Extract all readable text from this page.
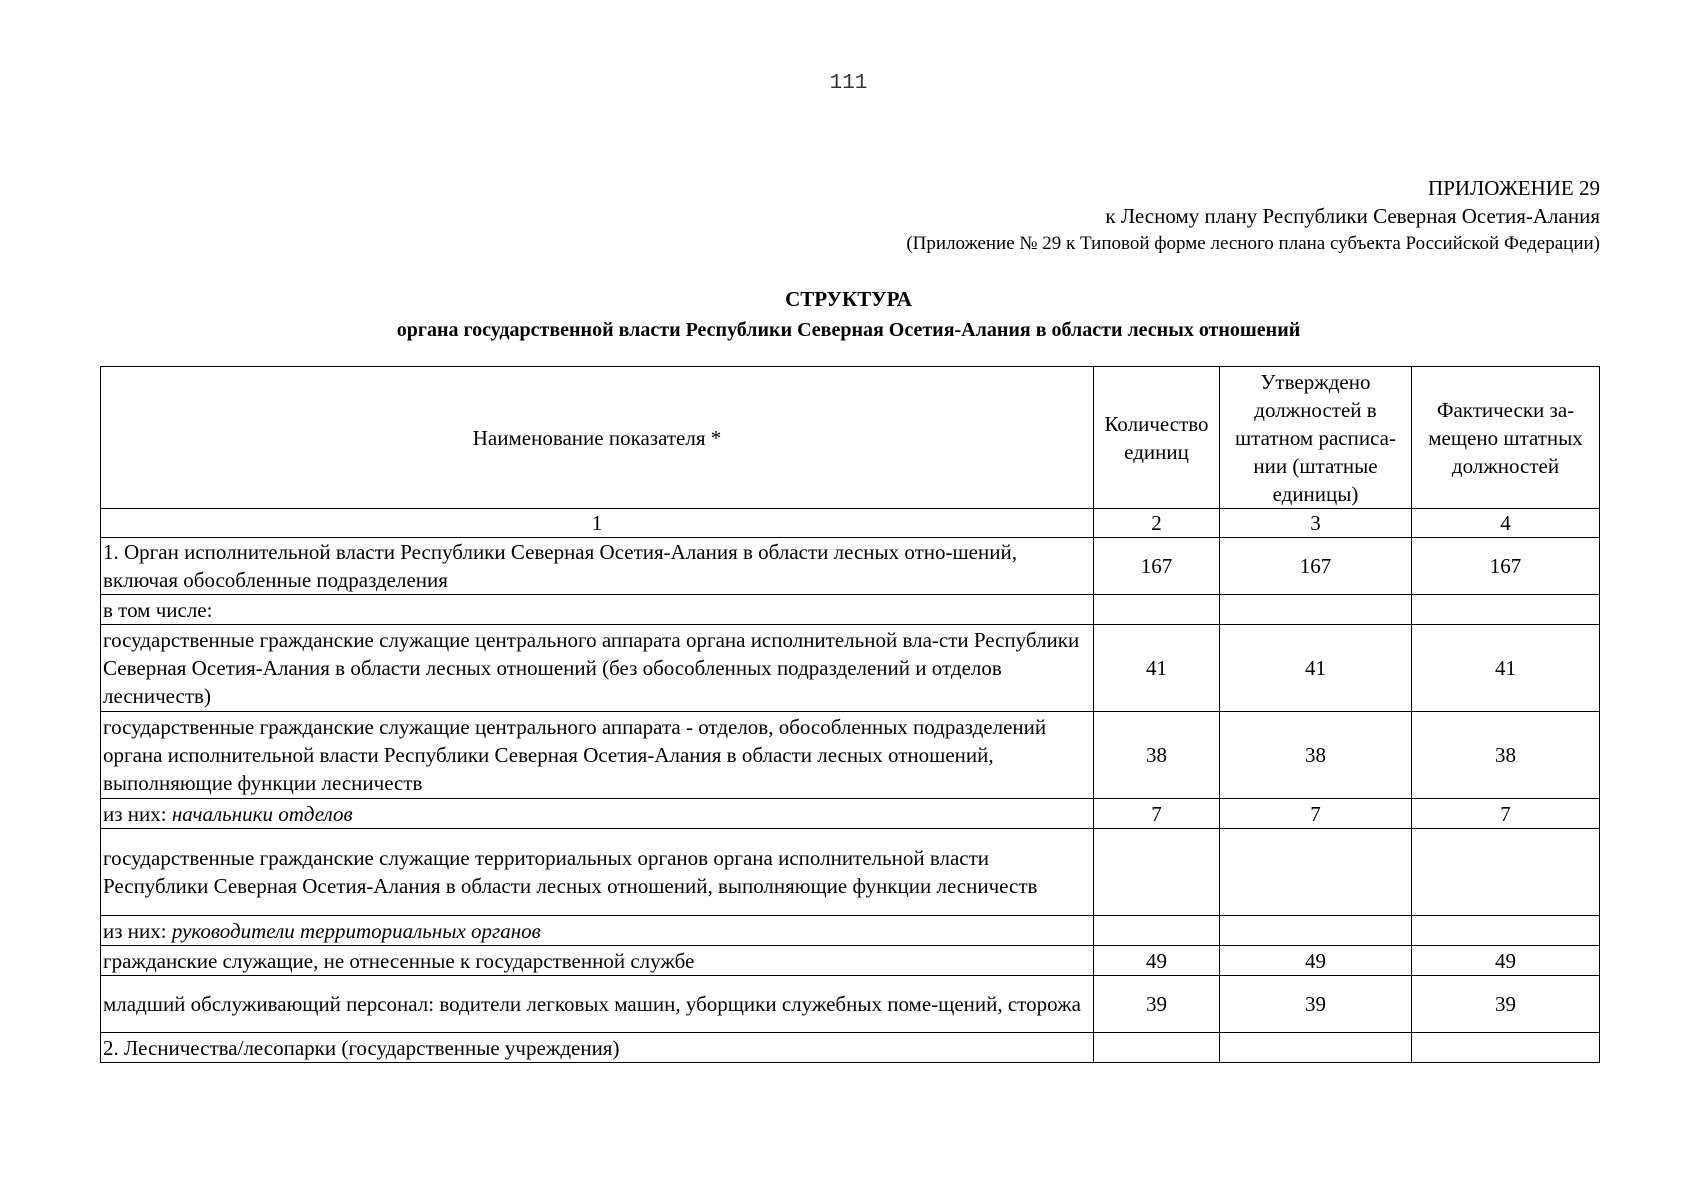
111
ПРИЛОЖЕНИЕ 29
к Лесному плану Республики Северная Осетия-Алания
(Приложение № 29 к Типовой форме лесного плана субъекта Российской Федерации)
СТРУКТУРА
органа государственной власти Республики Северная Осетия-Алания в области лесных отношений
Наименование показателя *	Количество единиц	Утверждено должностей в штатном расписа-нии (штатные единицы)	Фактически за-мещено штатных должностей
1	2	3	4
1. Орган исполнительной власти Республики Северная Осетия-Алания в области лесных отно-шений, включая обособленные подразделения	167	167	167
в том числе:			
государственные гражданские служащие центрального аппарата органа исполнительной вла-сти Республики Северная Осетия-Алания в области лесных отношений (без обособленных подразделений и отделов лесничеств)	41	41	41
государственные гражданские служащие центрального аппарата - отделов, обособленных подразделений органа исполнительной власти Республики Северная Осетия-Алания в области лесных отношений, выполняющие функции лесничеств	38	38	38
из них: начальники отделов	7	7	7
государственные гражданские служащие территориальных органов органа исполнительной власти Республики Северная Осетия-Алания в области лесных отношений, выполняющие функции лесничеств			
из них: руководители территориальных органов			
гражданские служащие, не отнесенные к государственной службе	49	49	49
младший обслуживающий персонал: водители легковых машин, уборщики служебных поме-щений, сторожа	39	39	39
2. Лесничества/лесопарки (государственные учреждения)			
